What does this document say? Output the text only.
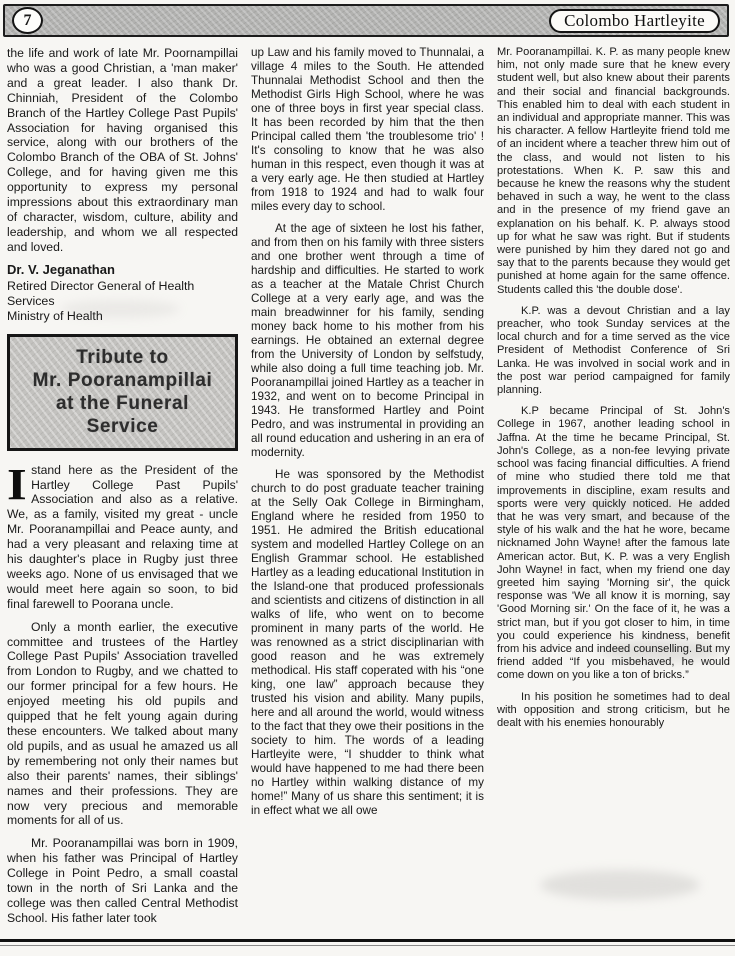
7	Colombo Hartleyite

the life and work of late Mr. Poornampillai who was a good Christian, a 'man maker' and a great leader. I also thank Dr. Chinniah, President of the Colombo Branch of the Hartley College Past Pupils' Association for having organised this service, along with our brothers of the Colombo Branch of the OBA of St. Johns' College, and for having given me this opportunity to express my personal impressions about this extraordinary man of character, wisdom, culture, ability and leadership, and whom we all respected and loved.

Dr. V. Jeganathan
Retired Director General of Health Services
Ministry of Health
Tribute to
Mr. Pooranampillai
at the Funeral
Service

Istand here as the President of the Hartley College Past Pupils' Association and also as a relative. We, as a family, visited my great - uncle Mr. Pooranampillai and Peace aunty, and had a very pleasant and relaxing time at his daughter's place in Rugby just three weeks ago. None of us envisaged that we would meet here again so soon, to bid final farewell to Poorana uncle.

Only a month earlier, the executive committee and trustees of the Hartley College Past Pupils' Association travelled from London to Rugby, and we chatted to our former principal for a few hours. He enjoyed meeting his old pupils and quipped that he felt young again during these encounters. We talked about many old pupils, and as usual he amazed us all by remembering not only their names but also their parents' names, their siblings' names and their professions. They are now very precious and memorable moments for all of us.

Mr. Pooranampillai was born in 1909, when his father was Principal of Hartley College in Point Pedro, a small coastal town in the north of Sri Lanka and the college was then called Central Methodist School. His father later took

up Law and his family moved to Thunnalai, a village 4 miles to the South. He attended Thunnalai Methodist School and then the Methodist Girls High School, where he was one of three boys in first year special class. It has been recorded by him that the then Principal called them 'the troublesome trio' ! It's consoling to know that he was also human in this respect, even though it was at a very early age. He then studied at Hartley from 1918 to 1924 and had to walk four miles every day to school.

At the age of sixteen he lost his father, and from then on his family with three sisters and one brother went through a time of hardship and difficulties. He started to work as a teacher at the Matale Christ Church College at a very early age, and was the main breadwinner for his family, sending money back home to his mother from his earnings. He obtained an external degree from the University of London by selfstudy, while also doing a full time teaching job. Mr. Pooranampillai joined Hartley as a teacher in 1932, and went on to become Principal in 1943. He transformed Hartley and Point Pedro, and was instrumental in providing an all round education and ushering in an era of modernity.

He was sponsored by the Methodist church to do post graduate teacher training at the Selly Oak College in Birmingham, England where he resided from 1950 to 1951. He admired the British educational system and modelled Hartley College on an English Grammar school. He established Hartley as a leading educational Institution in the Island-one that produced professionals and scientists and citizens of distinction in all walks of life, who went on to become prominent in many parts of the world. He was renowned as a strict disciplinarian with good reason and he was extremely methodical. His staff coperated with his “one king, one law” approach because they trusted his vision and ability. Many pupils, here and all around the world, would witness to the fact that they owe their positions in the society to him. The words of a leading Hartleyite were, “I shudder to think what would have happened to me had there been no Hartley within walking distance of my home!” Many of us share this sentiment; it is in effect what we all owe

Mr. Pooranampillai. K. P. as many people knew him, not only made sure that he knew every student well, but also knew about their parents and their social and financial backgrounds. This enabled him to deal with each student in an individual and appropriate manner. This was his character. A fellow Hartleyite friend told me of an incident where a teacher threw him out of the class, and would not listen to his protestations. When K. P. saw this and because he knew the reasons why the student behaved in such a way, he went to the class and in the presence of my friend gave an explanation on his behalf. K. P. always stood up for what he saw was right. But if students were punished by him they dared not go and say that to the parents because they would get punished at home again for the same offence. Students called this 'the double dose'.

K.P. was a devout Christian and a lay preacher, who took Sunday services at the local church and for a time served as the vice President of Methodist Conference of Sri Lanka. He was involved in social work and in the post war period campaigned for family planning.

K.P became Principal of St. John's College in 1967, another leading school in Jaffna. At the time he became Principal, St. John's College, as a non-fee levying private school was facing financial difficulties. A friend of mine who studied there told me that improvements in discipline, exam results and sports were very quickly noticed. He added that he was very smart, and because of the style of his walk and the hat he wore, became nicknamed John Wayne! after the famous late American actor. But, K. P. was a very English John Wayne! in fact, when my friend one day greeted him saying 'Morning sir', the quick response was 'We all know it is morning, say 'Good Morning sir.' On the face of it, he was a strict man, but if you got closer to him, in time you could experience his kindness, benefit from his advice and indeed counselling. But my friend added “If you misbehaved, he would come down on you like a ton of bricks.”

In his position he sometimes had to deal with opposition and strong criticism, but he dealt with his enemies honourably
